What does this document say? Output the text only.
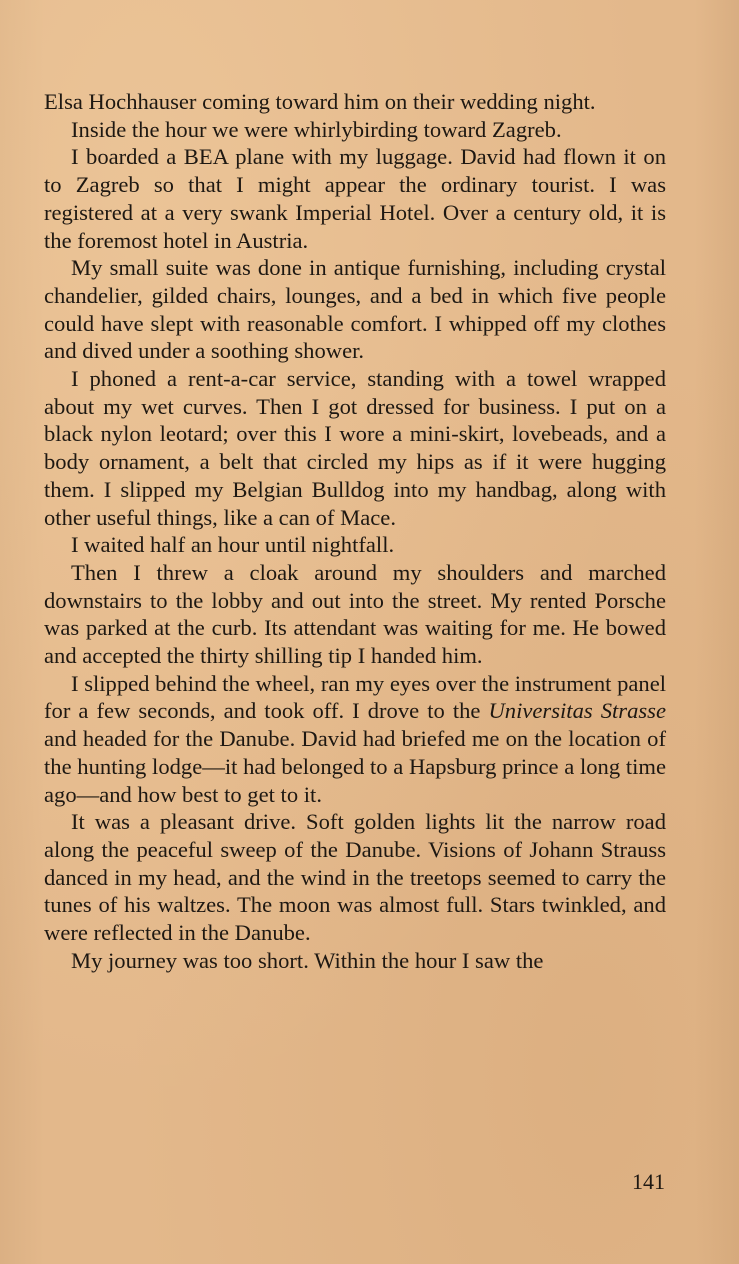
Elsa Hochhauser coming toward him on their wedding night.

Inside the hour we were whirlybirding toward Zagreb.

I boarded a BEA plane with my luggage. David had flown it on to Zagreb so that I might appear the ordinary tourist. I was registered at a very swank Imperial Hotel. Over a century old, it is the foremost hotel in Austria.

My small suite was done in antique furnishing, including crystal chandelier, gilded chairs, lounges, and a bed in which five people could have slept with reasonable comfort. I whipped off my clothes and dived under a soothing shower.

I phoned a rent-a-car service, standing with a towel wrapped about my wet curves. Then I got dressed for business. I put on a black nylon leotard; over this I wore a mini-skirt, lovebeads, and a body ornament, a belt that circled my hips as if it were hugging them. I slipped my Belgian Bulldog into my handbag, along with other useful things, like a can of Mace.

I waited half an hour until nightfall.

Then I threw a cloak around my shoulders and marched downstairs to the lobby and out into the street. My rented Porsche was parked at the curb. Its attendant was waiting for me. He bowed and accepted the thirty shilling tip I handed him.

I slipped behind the wheel, ran my eyes over the instrument panel for a few seconds, and took off. I drove to the Universitas Strasse and headed for the Danube. David had briefed me on the location of the hunting lodge—it had belonged to a Hapsburg prince a long time ago—and how best to get to it.

It was a pleasant drive. Soft golden lights lit the narrow road along the peaceful sweep of the Danube. Visions of Johann Strauss danced in my head, and the wind in the treetops seemed to carry the tunes of his waltzes. The moon was almost full. Stars twinkled, and were reflected in the Danube.

My journey was too short. Within the hour I saw the

141
